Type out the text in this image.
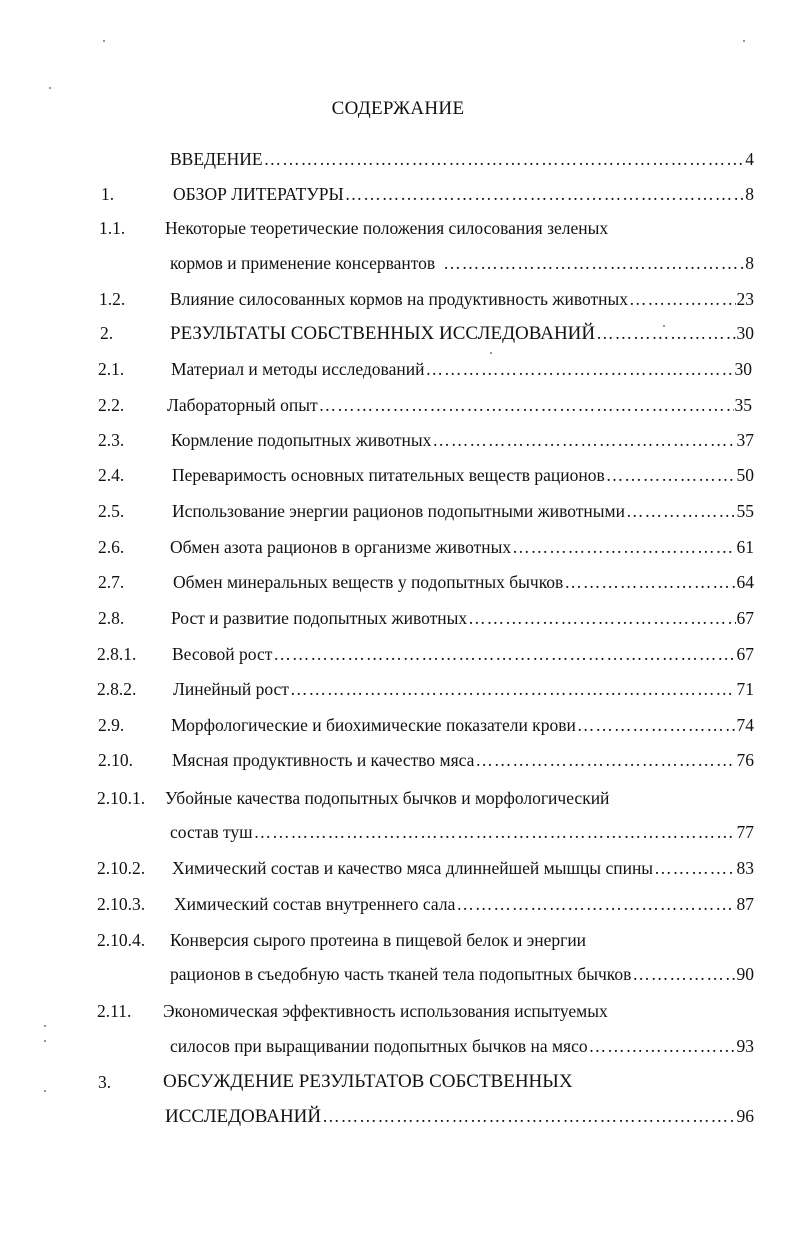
СОДЕРЖАНИЕ
ВВЕДЕНИЕ …………………………………………………………………………………………………………………………………	4
1.	ОБЗОР ЛИТЕРАТУРЫ …………………………………………………………………………………………………………………………………	8
1.1. Некоторые теоретические положения силосования зеленых
кормов и применение консервантов …………………………………………………………………………………………………………………………………	8
1.2.	Влияние силосованных кормов на продуктивность животных …………………………………………………………………………………………………………………………………	23
2.	РЕЗУЛЬТАТЫ СОБСТВЕННЫХ ИССЛЕДОВАНИЙ …………………………………………………………………………………………………………………………………	30
2.1.	Материал и методы исследований …………………………………………………………………………………………………………………………………	30
2.2. Лабораторный опыт …………………………………………………………………………………………………………………………………	35
2.3.	Кормление подопытных животных …………………………………………………………………………………………………………………………………	37
2.4.	Переваримость основных питательных веществ рационов …………………………………………………………………………………………………………………………………	50
2.5.	Использование энергии рационов подопытными животными …………………………………………………………………………………………………………………………………	55
2.6.	Обмен азота рационов в организме животных …………………………………………………………………………………………………………………………………	61
2.7.	Обмен минеральных веществ у подопытных бычков …………………………………………………………………………………………………………………………………	64
2.8.	Рост и развитие подопытных животных …………………………………………………………………………………………………………………………………	67
2.8.1. Весовой рост …………………………………………………………………………………………………………………………………	67
2.8.2. Линейный рост …………………………………………………………………………………………………………………………………	71
2.9.	Морфологические и биохимические показатели крови …………………………………………………………………………………………………………………………………	74
2.10. Мясная продуктивность и качество мяса …………………………………………………………………………………………………………………………………	76
2.10.1. Убойные качества подопытных бычков и морфологический
состав туш …………………………………………………………………………………………………………………………………	77
2.10.2. Химический состав и качество мяса длиннейшей мышцы спины …………………………………………………………………………………………………………………………………	83
2.10.3. Химический состав внутреннего сала …………………………………………………………………………………………………………………………………	87
2.10.4. Конверсия сырого протеина в пищевой белок и энергии
рационов в съедобную часть тканей тела подопытных бычков …………………………………………………………………………………………………………………………………	90
2.11. Экономическая эффективность использования испытуемых
силосов при выращивании подопытных бычков на мясо …………………………………………………………………………………………………………………………………	93
3.	ОБСУЖДЕНИЕ РЕЗУЛЬТАТОВ СОБСТВЕННЫХ
ИССЛЕДОВАНИЙ …………………………………………………………………………………………………………………………………	96
